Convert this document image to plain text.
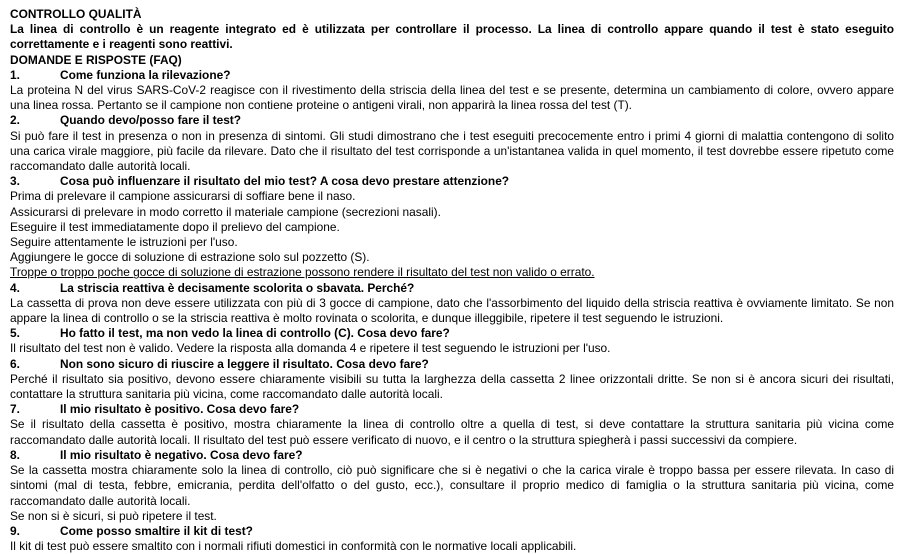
CONTROLLO QUALITÀ
La linea di controllo è un reagente integrato ed è utilizzata per controllare il processo. La linea di controllo appare quando il test è stato eseguito correttamente e i reagenti sono reattivi.
DOMANDE E RISPOSTE (FAQ)
1.	Come funziona la rilevazione?
La proteina N del virus SARS-CoV-2 reagisce con il rivestimento della striscia della linea del test e se presente, determina un cambiamento di colore, ovvero appare una linea rossa. Pertanto se il campione non contiene proteine o antigeni virali, non apparirà la linea rossa del test (T).
2.	Quando devo/posso fare il test?
Si può fare il test in presenza o non in presenza di sintomi. Gli studi dimostrano che i test eseguiti precocemente entro i primi 4 giorni di malattia contengono di solito una carica virale maggiore, più facile da rilevare. Dato che il risultato del test corrisponde a un'istantanea valida in quel momento, il test dovrebbe essere ripetuto come raccomandato dalle autorità locali.
3.	Cosa può influenzare il risultato del mio test? A cosa devo prestare attenzione?
Prima di prelevare il campione assicurarsi di soffiare bene il naso.
Assicurarsi di prelevare in modo corretto il materiale campione (secrezioni nasali).
Eseguire il test immediatamente dopo il prelievo del campione.
Seguire attentamente le istruzioni per l'uso.
Aggiungere le gocce di soluzione di estrazione solo sul pozzetto (S).
Troppe o troppo poche gocce di soluzione di estrazione possono rendere il risultato del test non valido o errato.
4.	La striscia reattiva è decisamente scolorita o sbavata. Perché?
La cassetta di prova non deve essere utilizzata con più di 3 gocce di campione, dato che l'assorbimento del liquido della striscia reattiva è ovviamente limitato. Se non appare la linea di controllo o se la striscia reattiva è molto rovinata o scolorita, e dunque illeggibile, ripetere il test seguendo le istruzioni.
5.	Ho fatto il test, ma non vedo la linea di controllo (C). Cosa devo fare?
Il risultato del test non è valido. Vedere la risposta alla domanda 4 e ripetere il test seguendo le istruzioni per l'uso.
6.	Non sono sicuro di riuscire a leggere il risultato. Cosa devo fare?
Perché il risultato sia positivo, devono essere chiaramente visibili su tutta la larghezza della cassetta 2 linee orizzontali dritte. Se non si è ancora sicuri dei risultati, contattare la struttura sanitaria più vicina, come raccomandato dalle autorità locali.
7.	Il mio risultato è positivo. Cosa devo fare?
Se il risultato della cassetta è positivo, mostra chiaramente la linea di controllo oltre a quella di test, si deve contattare la struttura sanitaria più vicina come raccomandato dalle autorità locali. Il risultato del test può essere verificato di nuovo, e il centro o la struttura spiegherà i passi successivi da compiere.
8.	Il mio risultato è negativo. Cosa devo fare?
Se la cassetta mostra chiaramente solo la linea di controllo, ciò può significare che si è negativi o che la carica virale è troppo bassa per essere rilevata. In caso di sintomi (mal di testa, febbre, emicrania, perdita dell'olfatto o del gusto, ecc.), consultare il proprio medico di famiglia o la struttura sanitaria più vicina, come raccomandato dalle autorità locali.
Se non si è sicuri, si può ripetere il test.
9.	Come posso smaltire il kit di test?
Il kit di test può essere smaltito con i normali rifiuti domestici in conformità con le normative locali applicabili.
